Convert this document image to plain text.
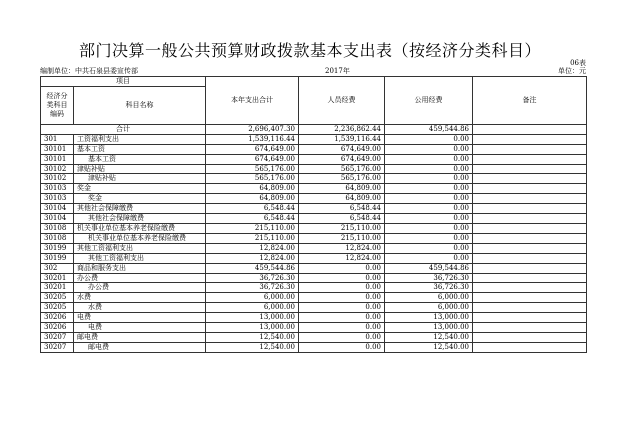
部门决算一般公共预算财政拨款基本支出表（按经济分类科目）
06表
编制单位：中共石泉县委宣传部	2017年	单位：元
项目		本年支出合计	人员经费	公用经费	备注
经济分类科目编码	科目名称				
合计		2,696,407.30	2,236,862.44	459,544.86	
301	工资福利支出	1,539,116.44	1,539,116.44	0.00	
30101	基本工资	674,649.00	674,649.00	0.00	
30101	基本工资	674,649.00	674,649.00	0.00	
30102	津贴补贴	565,176.00	565,176.00	0.00	
30102	津贴补贴	565,176.00	565,176.00	0.00	
30103	奖金	64,809.00	64,809.00	0.00	
30103	奖金	64,809.00	64,809.00	0.00	
30104	其他社会保障缴费	6,548.44	6,548.44	0.00	
30104	其他社会保障缴费	6,548.44	6,548.44	0.00	
30108	机关事业单位基本养老保险缴费	215,110.00	215,110.00	0.00	
30108	机关事业单位基本养老保险缴费	215,110.00	215,110.00	0.00	
30199	其他工资福利支出	12,824.00	12,824.00	0.00	
30199	其他工资福利支出	12,824.00	12,824.00	0.00	
302	商品和服务支出	459,544.86	0.00	459,544.86	
30201	办公费	36,726.30	0.00	36,726.30	
30201	办公费	36,726.30	0.00	36,726.30	
30205	水费	6,000.00	0.00	6,000.00	
30205	水费	6,000.00	0.00	6,000.00	
30206	电费	13,000.00	0.00	13,000.00	
30206	电费	13,000.00	0.00	13,000.00	
30207	邮电费	12,540.00	0.00	12,540.00	
30207	邮电费	12,540.00	0.00	12,540.00	
